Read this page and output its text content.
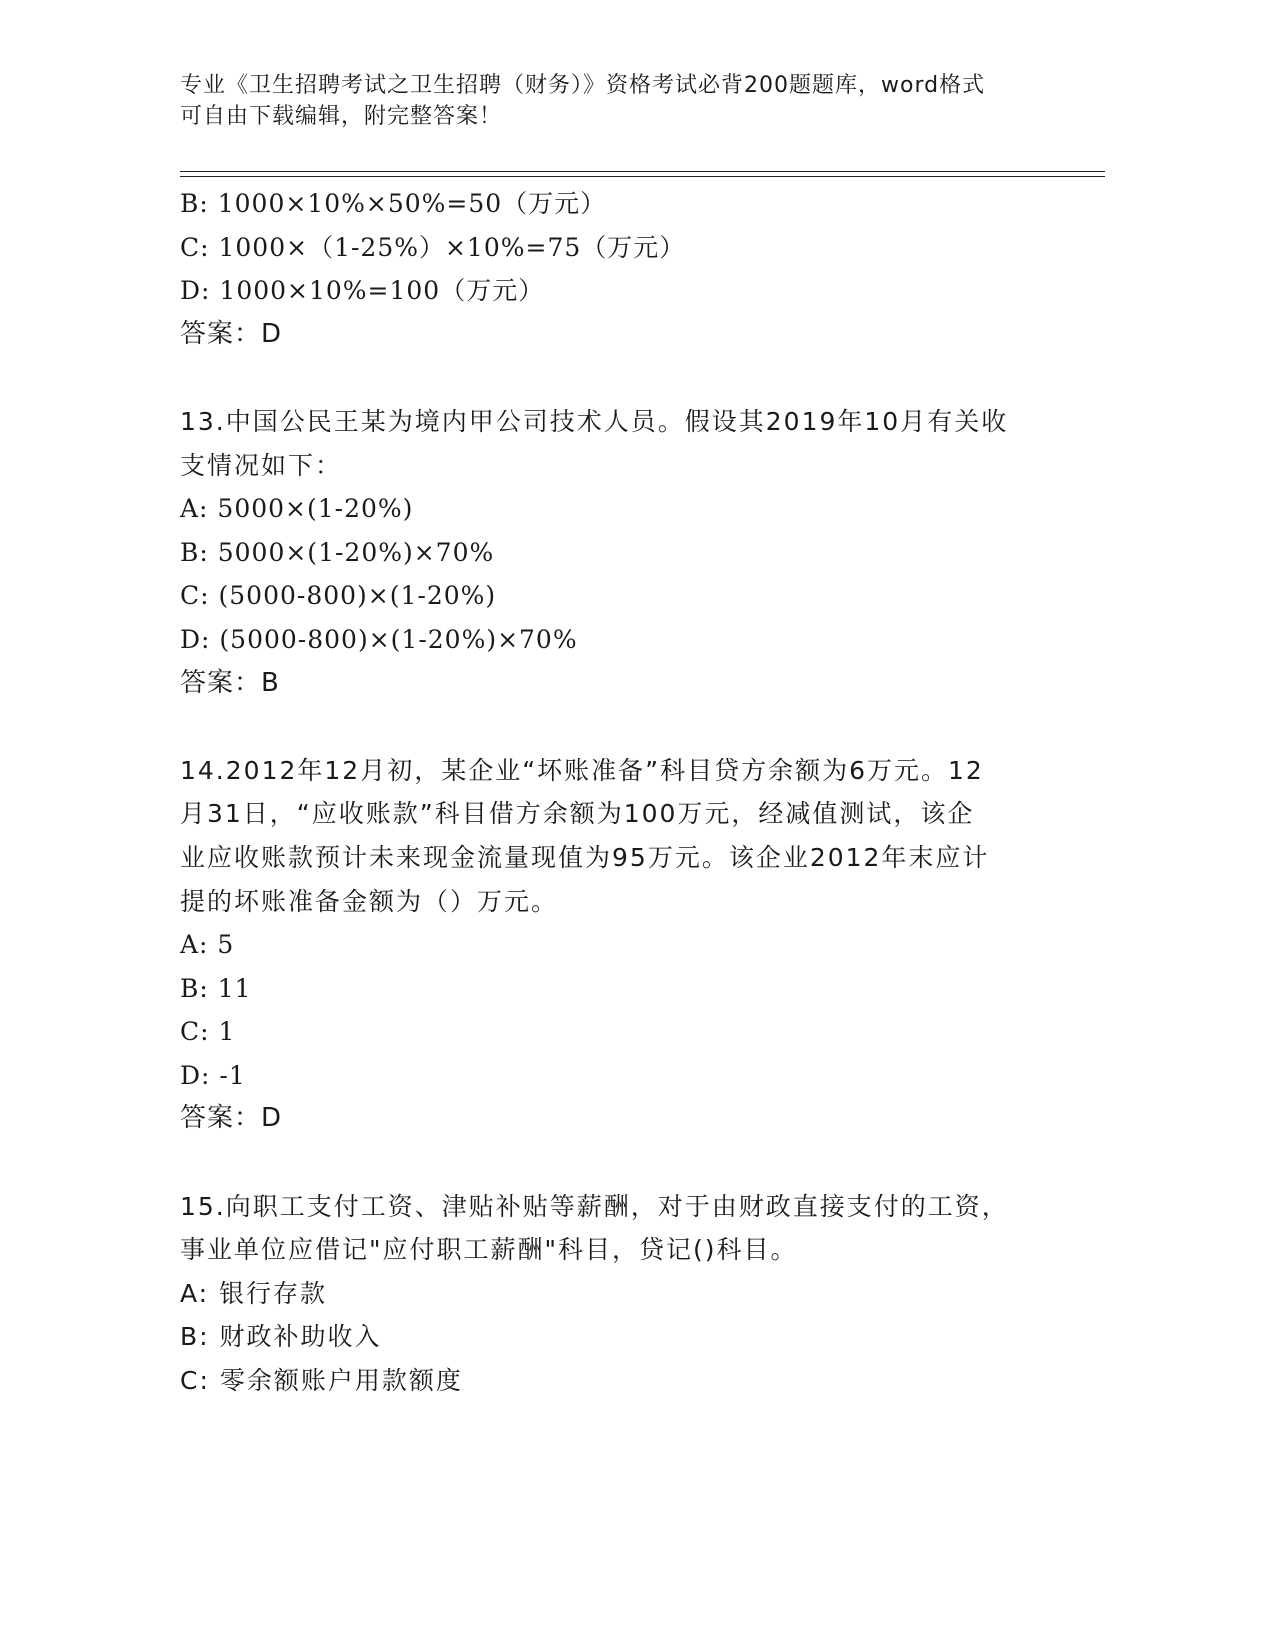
专业《卫生招聘考试之卫生招聘（财务）》资格考试必背200题题库，word格式
可自由下载编辑，附完整答案！
B: 1000×10%×50%=50（万元）
C: 1000×（1-25%）×10%=75（万元）
D: 1000×10%=100（万元）
答案：D
13.中国公民王某为境内甲公司技术人员。假设其2019年10月有关收
支情况如下：
A: 5000×(1-20%)
B: 5000×(1-20%)×70%
C: (5000-800)×(1-20%)
D: (5000-800)×(1-20%)×70%
答案：B
14.2012年12月初，某企业“坏账准备”科目贷方余额为6万元。12
月31日，“应收账款”科目借方余额为100万元，经减值测试，该企
业应收账款预计未来现金流量现值为95万元。该企业2012年末应计
提的坏账准备金额为（）万元。
A: 5
B: 11
C: 1
D: -1
答案：D
15.向职工支付工资、津贴补贴等薪酬，对于由财政直接支付的工资，
事业单位应借记"应付职工薪酬"科目，贷记()科目。
A: 银行存款
B: 财政补助收入
C: 零余额账户用款额度
